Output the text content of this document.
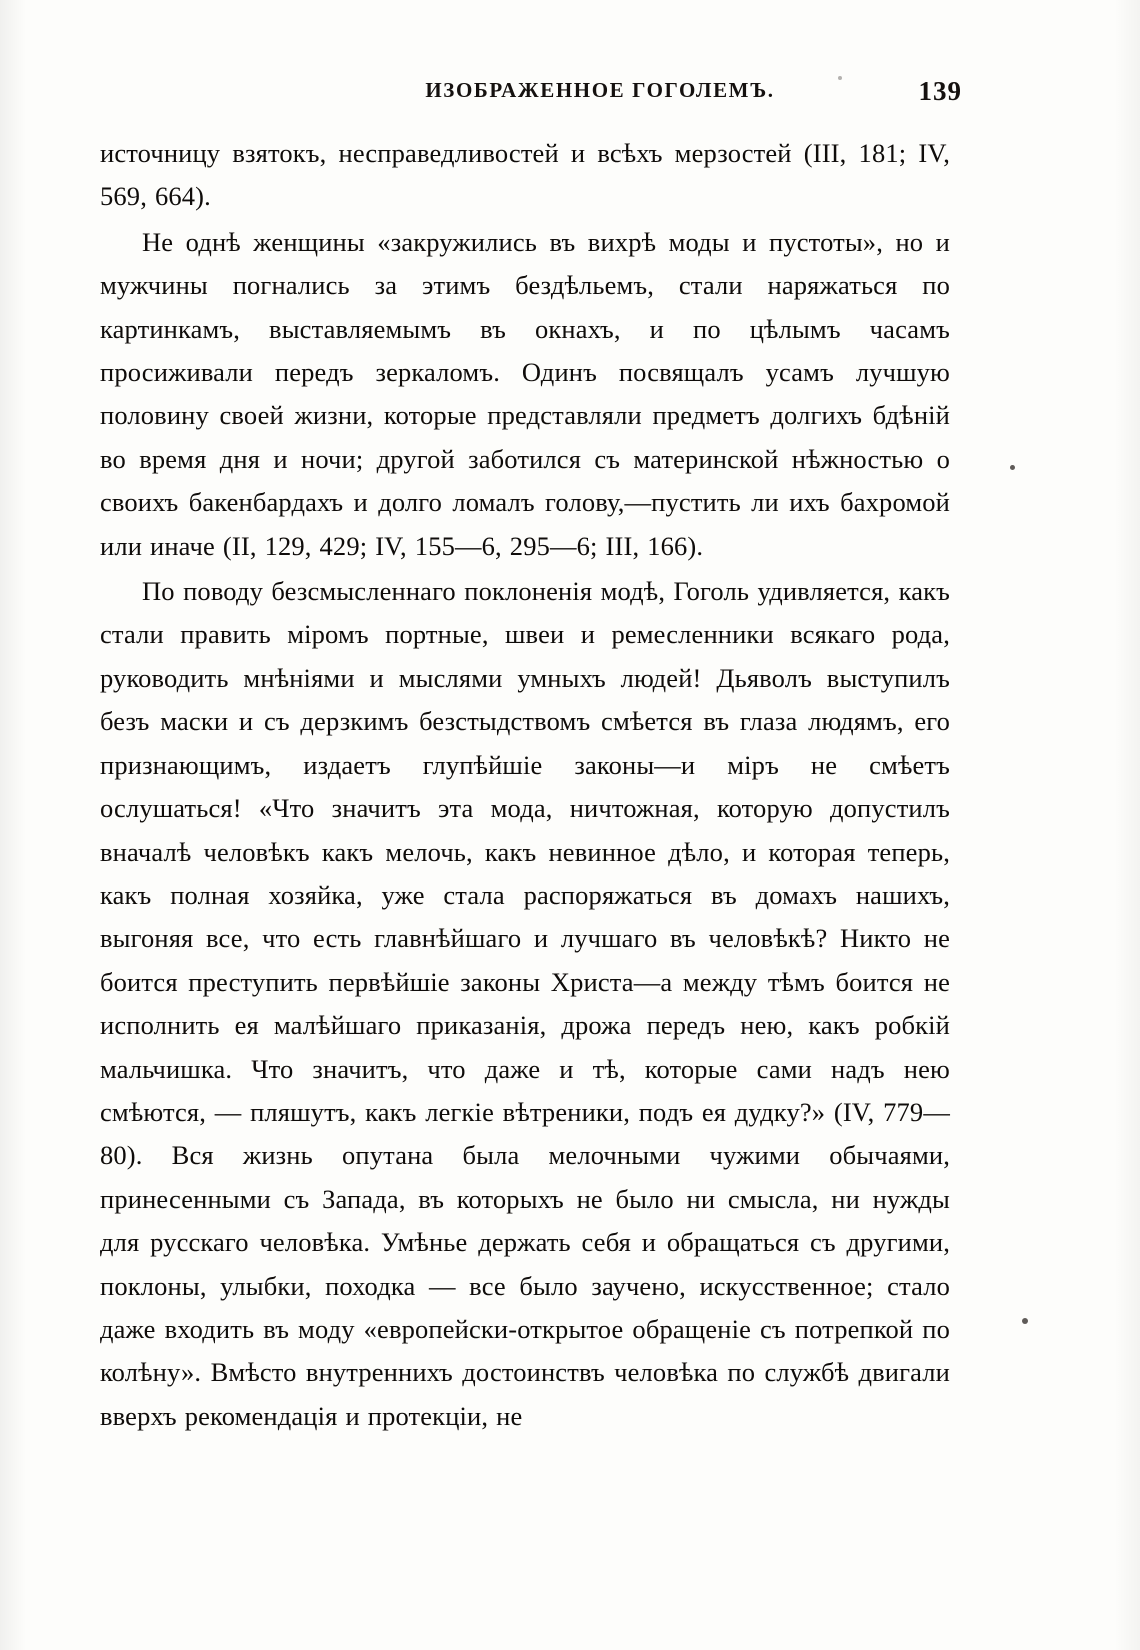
ИЗОБРАЖЕННОЕ ГОГОЛЕМЪ.	139

источницу взятокъ, несправедливостей и всѣхъ мерзостей (III, 181; IV, 569, 664).

Не однѣ женщины «закружились въ вихрѣ моды и пустоты», но и мужчины погнались за этимъ бездѣльемъ, стали наряжаться по картинкамъ, выставляемымъ въ окнахъ, и по цѣлымъ часамъ просиживали передъ зеркаломъ. Одинъ посвящалъ усамъ лучшую половину своей жизни, которые представляли предметъ долгихъ бдѣній во время дня и ночи; другой заботился съ материнской нѣжностью о своихъ бакенбардахъ и долго ломалъ голову,—пустить ли ихъ бахромой или иначе (II, 129, 429; IV, 155—6, 295—6; III, 166).

По поводу безсмысленнаго поклоненія модѣ, Гоголь удивляется, какъ стали править міромъ портные, швеи и ремесленники всякаго рода, руководить мнѣніями и мыслями умныхъ людей! Дьяволъ выступилъ безъ маски и съ дерзкимъ безстыдствомъ смѣется въ глаза людямъ, его признающимъ, издаетъ глупѣйшіе законы—и міръ не смѣетъ ослушаться! «Что значитъ эта мода, ничтожная, которую допустилъ вначалѣ человѣкъ какъ мелочь, какъ невинное дѣло, и которая теперь, какъ полная хозяйка, уже стала распоряжаться въ домахъ нашихъ, выгоняя все, что есть главнѣйшаго и лучшаго въ человѣкѣ? Никто не боится преступить первѣйшіе законы Христа—а между тѣмъ боится не исполнить ея малѣйшаго приказанія, дрожа передъ нею, какъ робкій мальчишка. Что значитъ, что даже и тѣ, которые сами надъ нею смѣются, — пляшутъ, какъ легкіе вѣтреники, подъ ея дудку?» (IV, 779—80). Вся жизнь опутана была мелочными чужими обычаями, принесенными съ Запада, въ которыхъ не было ни смысла, ни нужды для русскаго человѣка. Умѣнье держать себя и обращаться съ другими, поклоны, улыбки, походка — все было заучено, искусственное; стало даже входить въ моду «европейски-открытое обращеніе съ потрепкой по колѣну». Вмѣсто внутреннихъ достоинствъ человѣка по службѣ двигали вверхъ рекомендація и протекціи, не
